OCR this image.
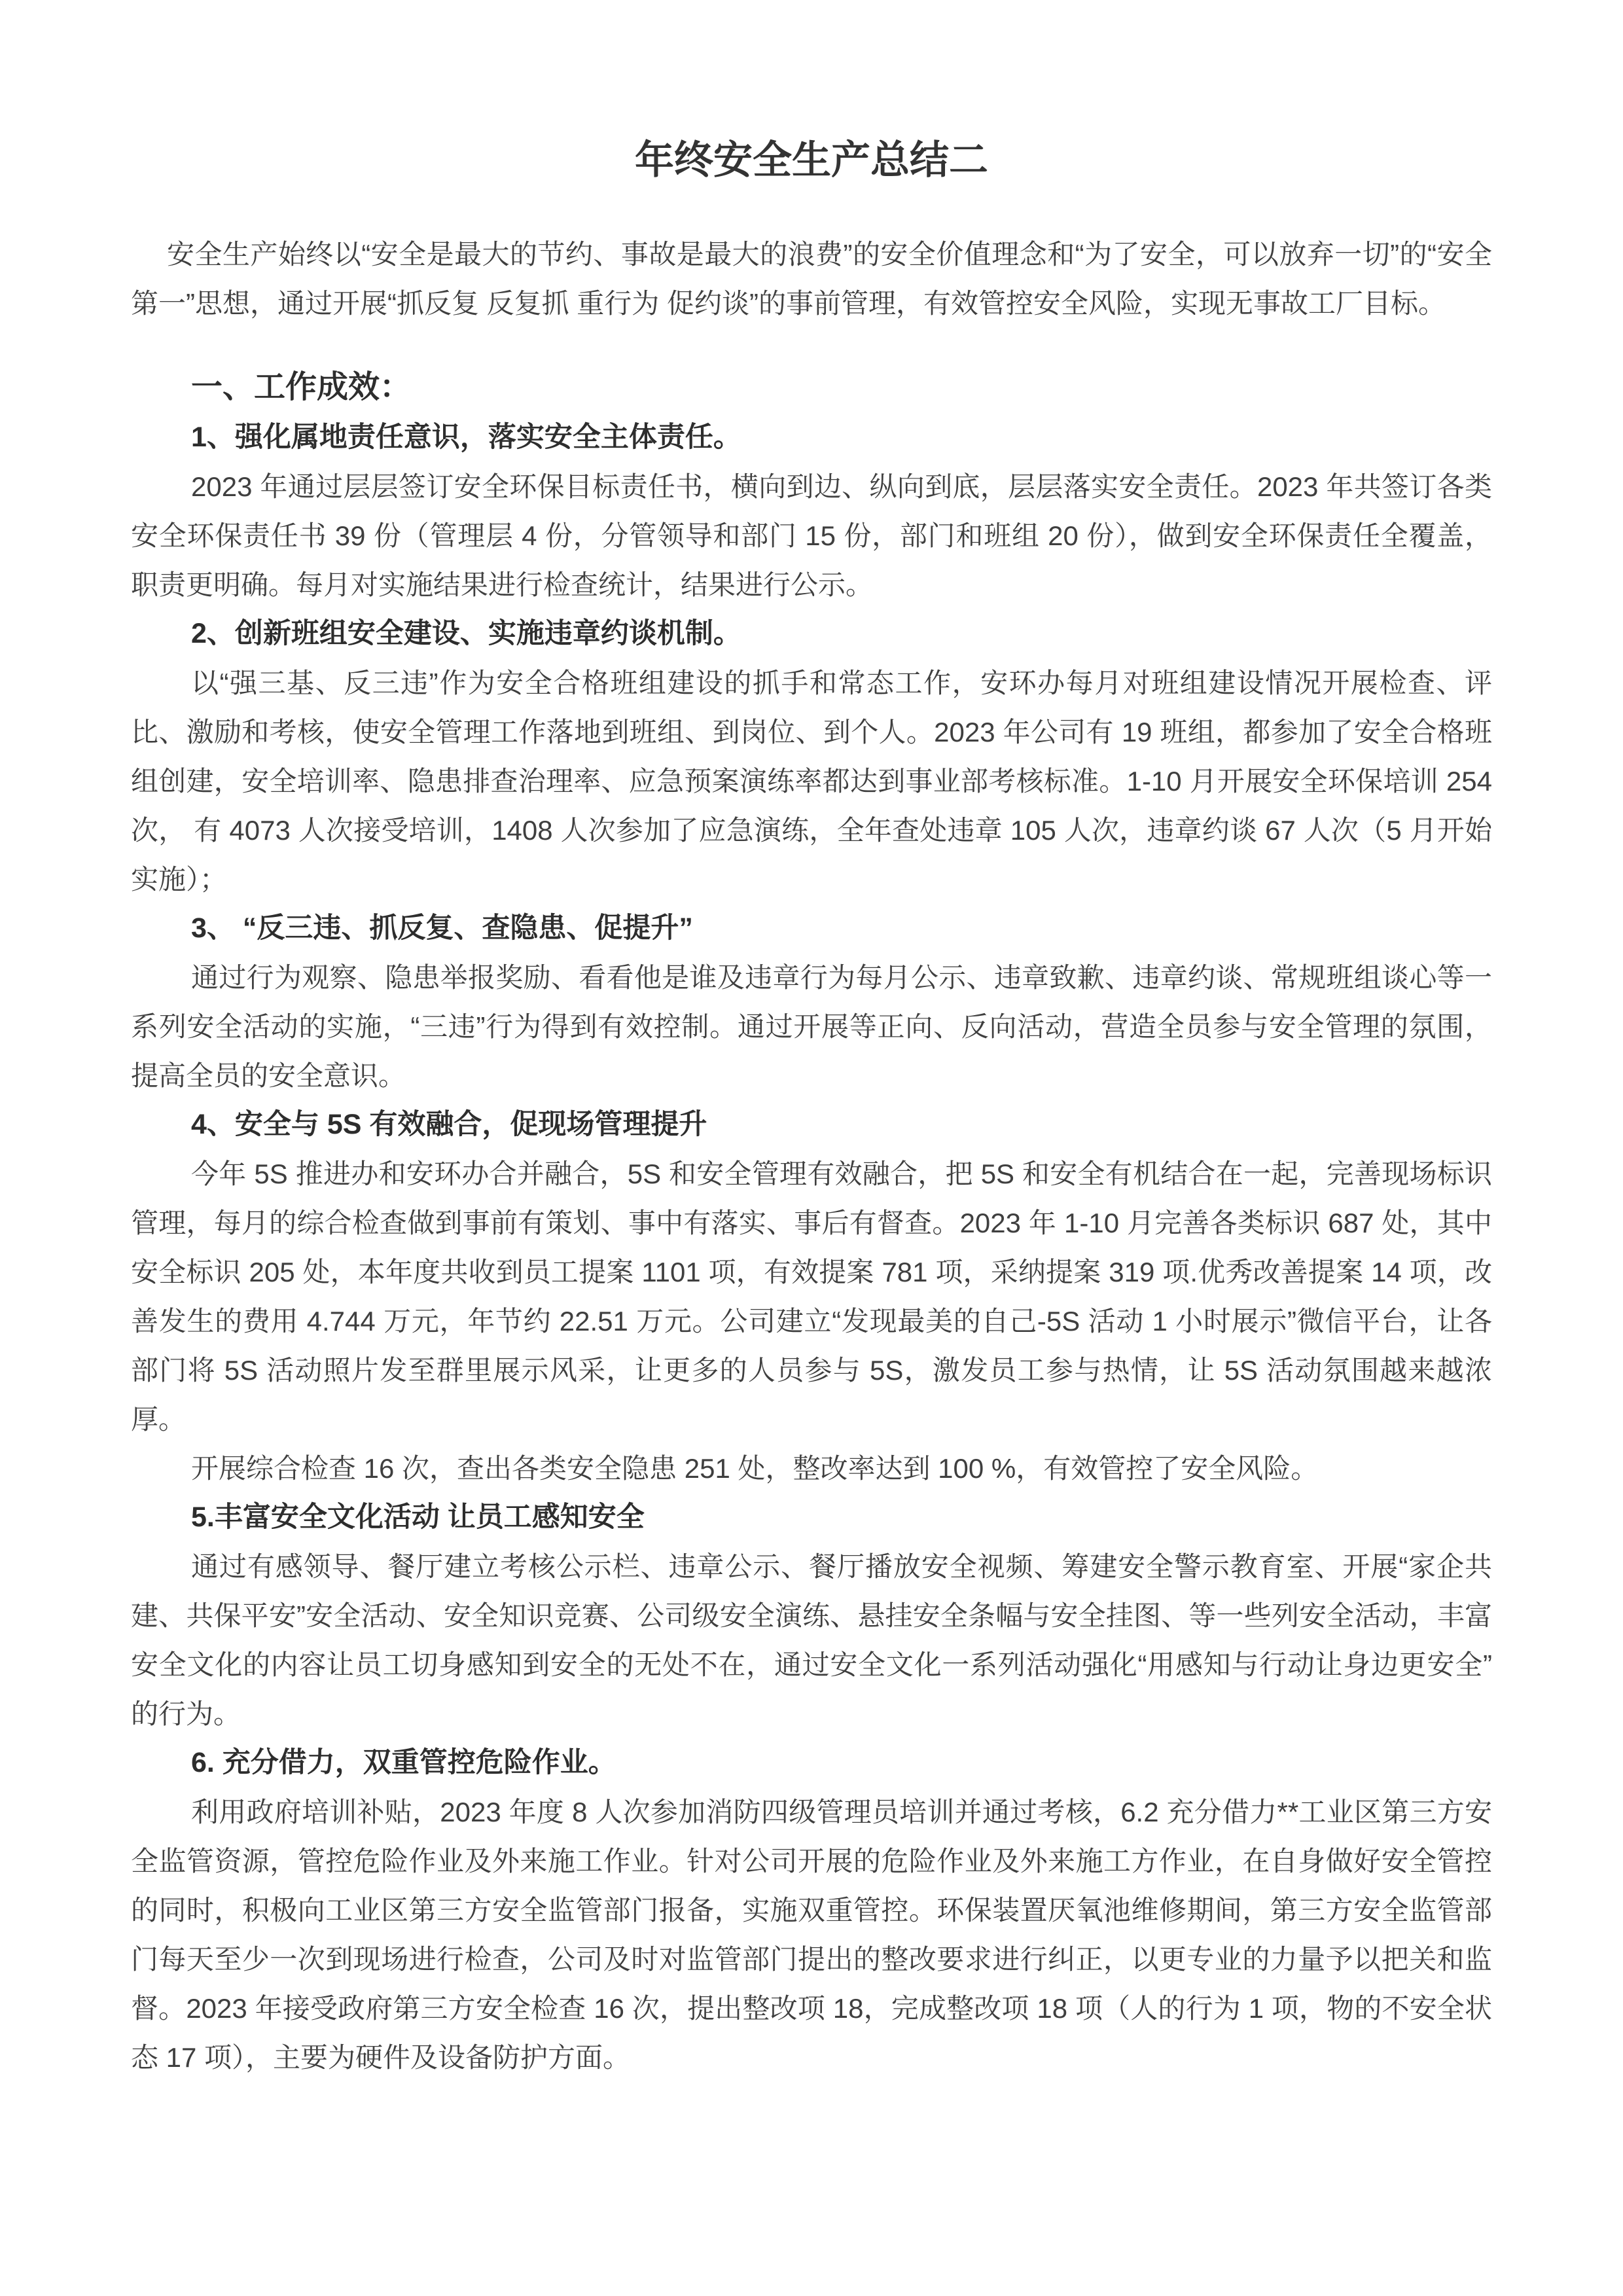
年终安全生产总结二
安全生产始终以“安全是最大的节约、事故是最大的浪费”的安全价值理念和“为了安全，可以放弃一切”的“安全第一”思想，通过开展“抓反复 反复抓 重行为 促约谈”的事前管理，有效管控安全风险，实现无事故工厂目标。
一、工作成效：
1、强化属地责任意识，落实安全主体责任。
2023 年通过层层签订安全环保目标责任书，横向到边、纵向到底，层层落实安全责任。2023 年共签订各类安全环保责任书 39 份（管理层 4 份，分管领导和部门 15 份，部门和班组 20 份），做到安全环保责任全覆盖，职责更明确。每月对实施结果进行检查统计，结果进行公示。
2、创新班组安全建设、实施违章约谈机制。
以“强三基、反三违”作为安全合格班组建设的抓手和常态工作，安环办每月对班组建设情况开展检查、评比、激励和考核，使安全管理工作落地到班组、到岗位、到个人。2023 年公司有 19 班组，都参加了安全合格班组创建，安全培训率、隐患排查治理率、应急预案演练率都达到事业部考核标准。1-10 月开展安全环保培训 254 次， 有 4073 人次接受培训，1408 人次参加了应急演练，全年查处违章 105 人次，违章约谈 67 人次（5 月开始实施）；
3、 “反三违、抓反复、查隐患、促提升”
通过行为观察、隐患举报奖励、看看他是谁及违章行为每月公示、违章致歉、违章约谈、常规班组谈心等一系列安全活动的实施，“三违”行为得到有效控制。通过开展等正向、反向活动，营造全员参与安全管理的氛围，提高全员的安全意识。
4、安全与 5S 有效融合，促现场管理提升
今年 5S 推进办和安环办合并融合，5S 和安全管理有效融合，把 5S 和安全有机结合在一起，完善现场标识管理，每月的综合检查做到事前有策划、事中有落实、事后有督查。2023 年 1-10 月完善各类标识 687 处，其中安全标识 205 处，本年度共收到员工提案 1101 项，有效提案 781 项，采纳提案 319 项.优秀改善提案 14 项，改善发生的费用 4.744 万元，年节约 22.51 万元。公司建立“发现最美的自己-5S 活动 1 小时展示”微信平台，让各部门将 5S 活动照片发至群里展示风采，让更多的人员参与 5S，激发员工参与热情，让 5S 活动氛围越来越浓厚。
开展综合检查 16 次，查出各类安全隐患 251 处，整改率达到 100 %，有效管控了安全风险。
5.丰富安全文化活动 让员工感知安全
通过有感领导、餐厅建立考核公示栏、违章公示、餐厅播放安全视频、筹建安全警示教育室、开展“家企共建、共保平安”安全活动、安全知识竞赛、公司级安全演练、悬挂安全条幅与安全挂图、等一些列安全活动，丰富安全文化的内容让员工切身感知到安全的无处不在，通过安全文化一系列活动强化“用感知与行动让身边更安全”的行为。
6. 充分借力，双重管控危险作业。
利用政府培训补贴，2023 年度 8 人次参加消防四级管理员培训并通过考核，6.2 充分借力**工业区第三方安全监管资源，管控危险作业及外来施工作业。针对公司开展的危险作业及外来施工方作业，在自身做好安全管控的同时，积极向工业区第三方安全监管部门报备，实施双重管控。环保装置厌氧池维修期间，第三方安全监管部门每天至少一次到现场进行检查，公司及时对监管部门提出的整改要求进行纠正，以更专业的力量予以把关和监督。2023 年接受政府第三方安全检查 16 次，提出整改项 18，完成整改项 18 项（人的行为 1 项，物的不安全状态 17 项），主要为硬件及设备防护方面。
